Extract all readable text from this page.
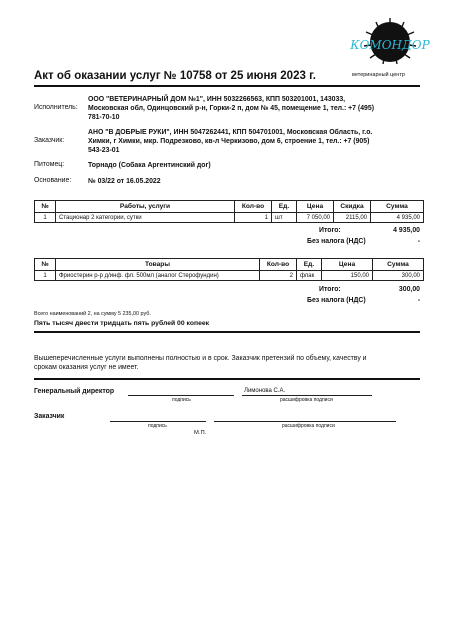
Акт об оказании услуг № 10758 от 25 июня 2023 г.
КОМОНДОР
ветеринарный центр
Исполнитель:
ООО "ВЕТЕРИНАРНЫЙ ДОМ №1", ИНН 5032266563, КПП 503201001, 143033,
Московская обл, Одинцовский р-н, Горки-2 п, дом № 45, помещение 1, тел.: +7 (495)
781-70-10
Заказчик:
АНО "В ДОБРЫЕ РУКИ", ИНН 5047262441, КПП 504701001, Московская Область, г.о.
Химки, г Химки, мкр. Подрезково, кв-л Черкизово, дом 6, строение 1, тел.: +7 (905)
543-23-01
Питомец:	Торнадо (Собака Аргентинский дог)
Основание:	№ 03/22 от 16.05.2022
№	Работы, услуги	Кол-во	Ед.	Цена	Скидка	Сумма
1	Стационар 2 категории, сутки	1	шт	7 050,00	2115,00	4 935,00
Итого:	4 935,00
Без налога (НДС)	-
№	Товары	Кол-во	Ед.	Цена	Сумма
1	Фриостерин р-р д/инф. фл. 500мл (аналог Стерофундин)	2	флак	150,00	300,00
Итого:	300,00
Без налога (НДС)	-
Всего наименований 2, на сумму 5 235,00 руб.
Пять тысяч двести тридцать пять рублей 00 копеек
Вышеперечисленные услуги выполнены полностью и в срок. Заказчик претензий по объему, качеству и
срокам оказания услуг не имеет.
Генеральный директор
подпись
Лимонова С.А.
расшифровка подписи
Заказчик
подпись	расшифровка подписи
М.П.
